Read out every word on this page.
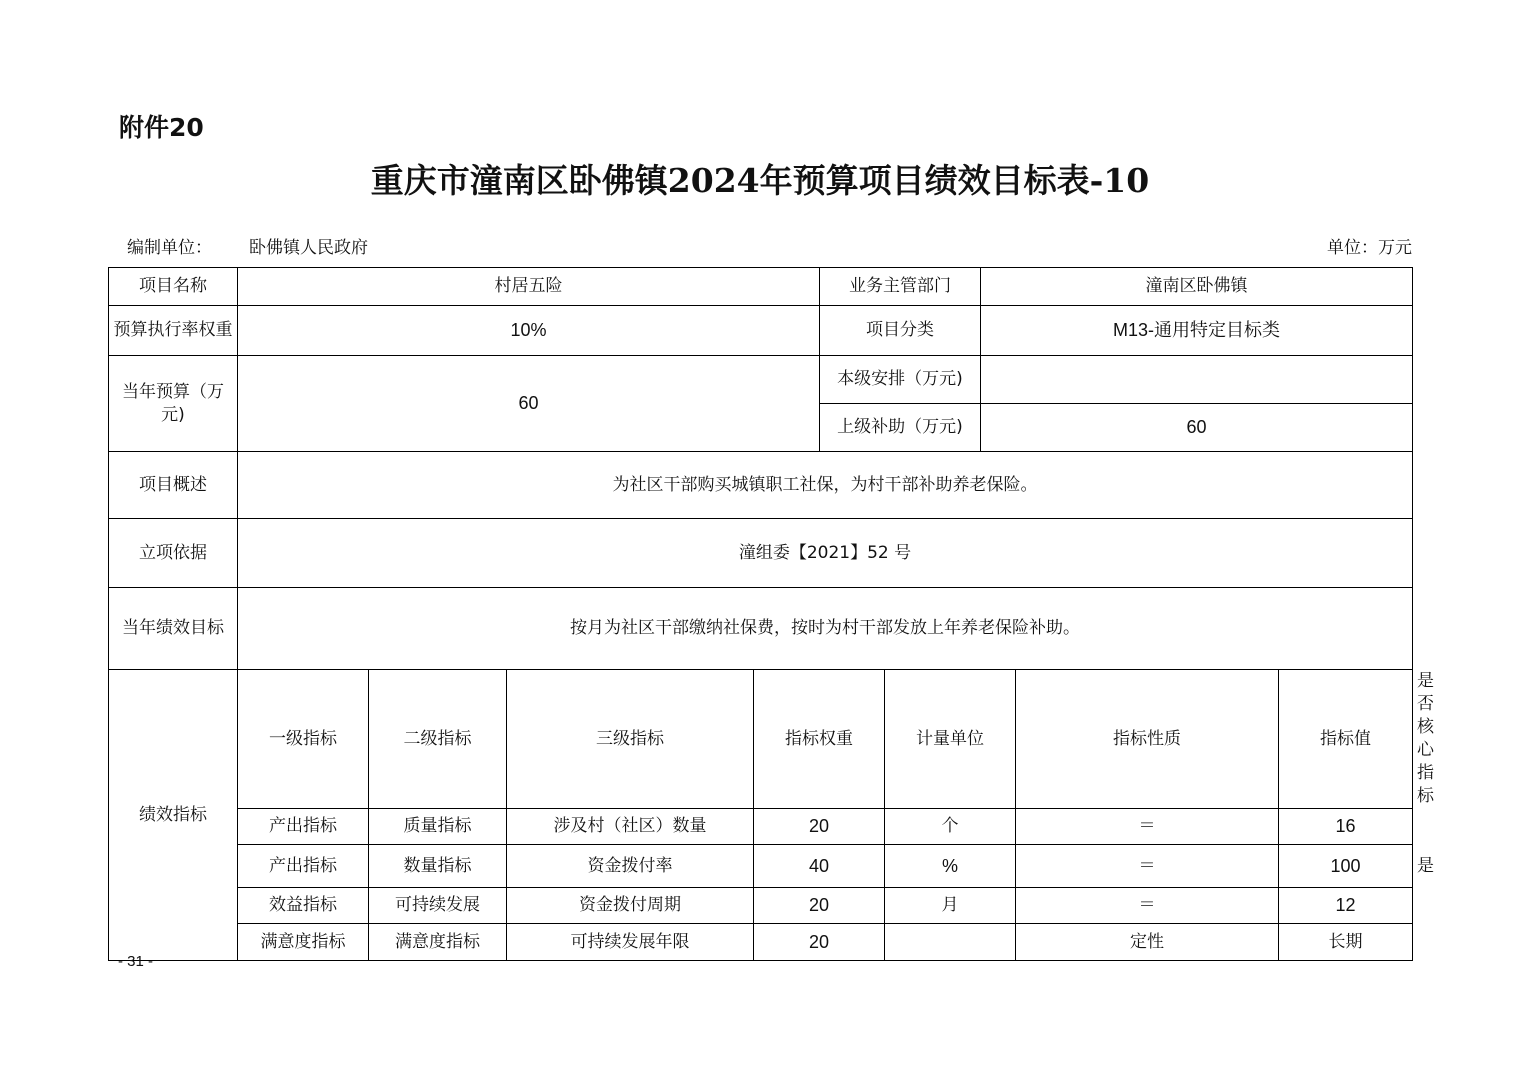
附件20
重庆市潼南区卧佛镇2024年预算项目绩效目标表-10
编制单位： 卧佛镇人民政府	单位：万元
项目名称	村居五险				业务主管部门		潼南区卧佛镇			
预算执行率权重	10%				项目分类		M13-通用特定目标类			
当年预算（万元)	60				本级安排（万元)					
					上级补助（万元)		60			
项目概述	为社区干部购买城镇职工社保，为村干部补助养老保险。									
立项依据	潼组委【2021】52 号									
当年绩效目标	按月为社区干部缴纳社保费，按时为村干部发放上年养老保险补助。									
绩效指标	一级指标	二级指标	三级指标	指标权重		计量单位		指标性质	指标值	是否核心指标
	产出指标	质量指标	涉及村（社区）数量	20		个		＝	16	
	产出指标	数量指标	资金拨付率	40		%		＝	100	是
	效益指标	可持续发展	资金拨付周期	20		月		＝	12	
	满意度指标	满意度指标	可持续发展年限	20				定性	长期	
- 31 -
